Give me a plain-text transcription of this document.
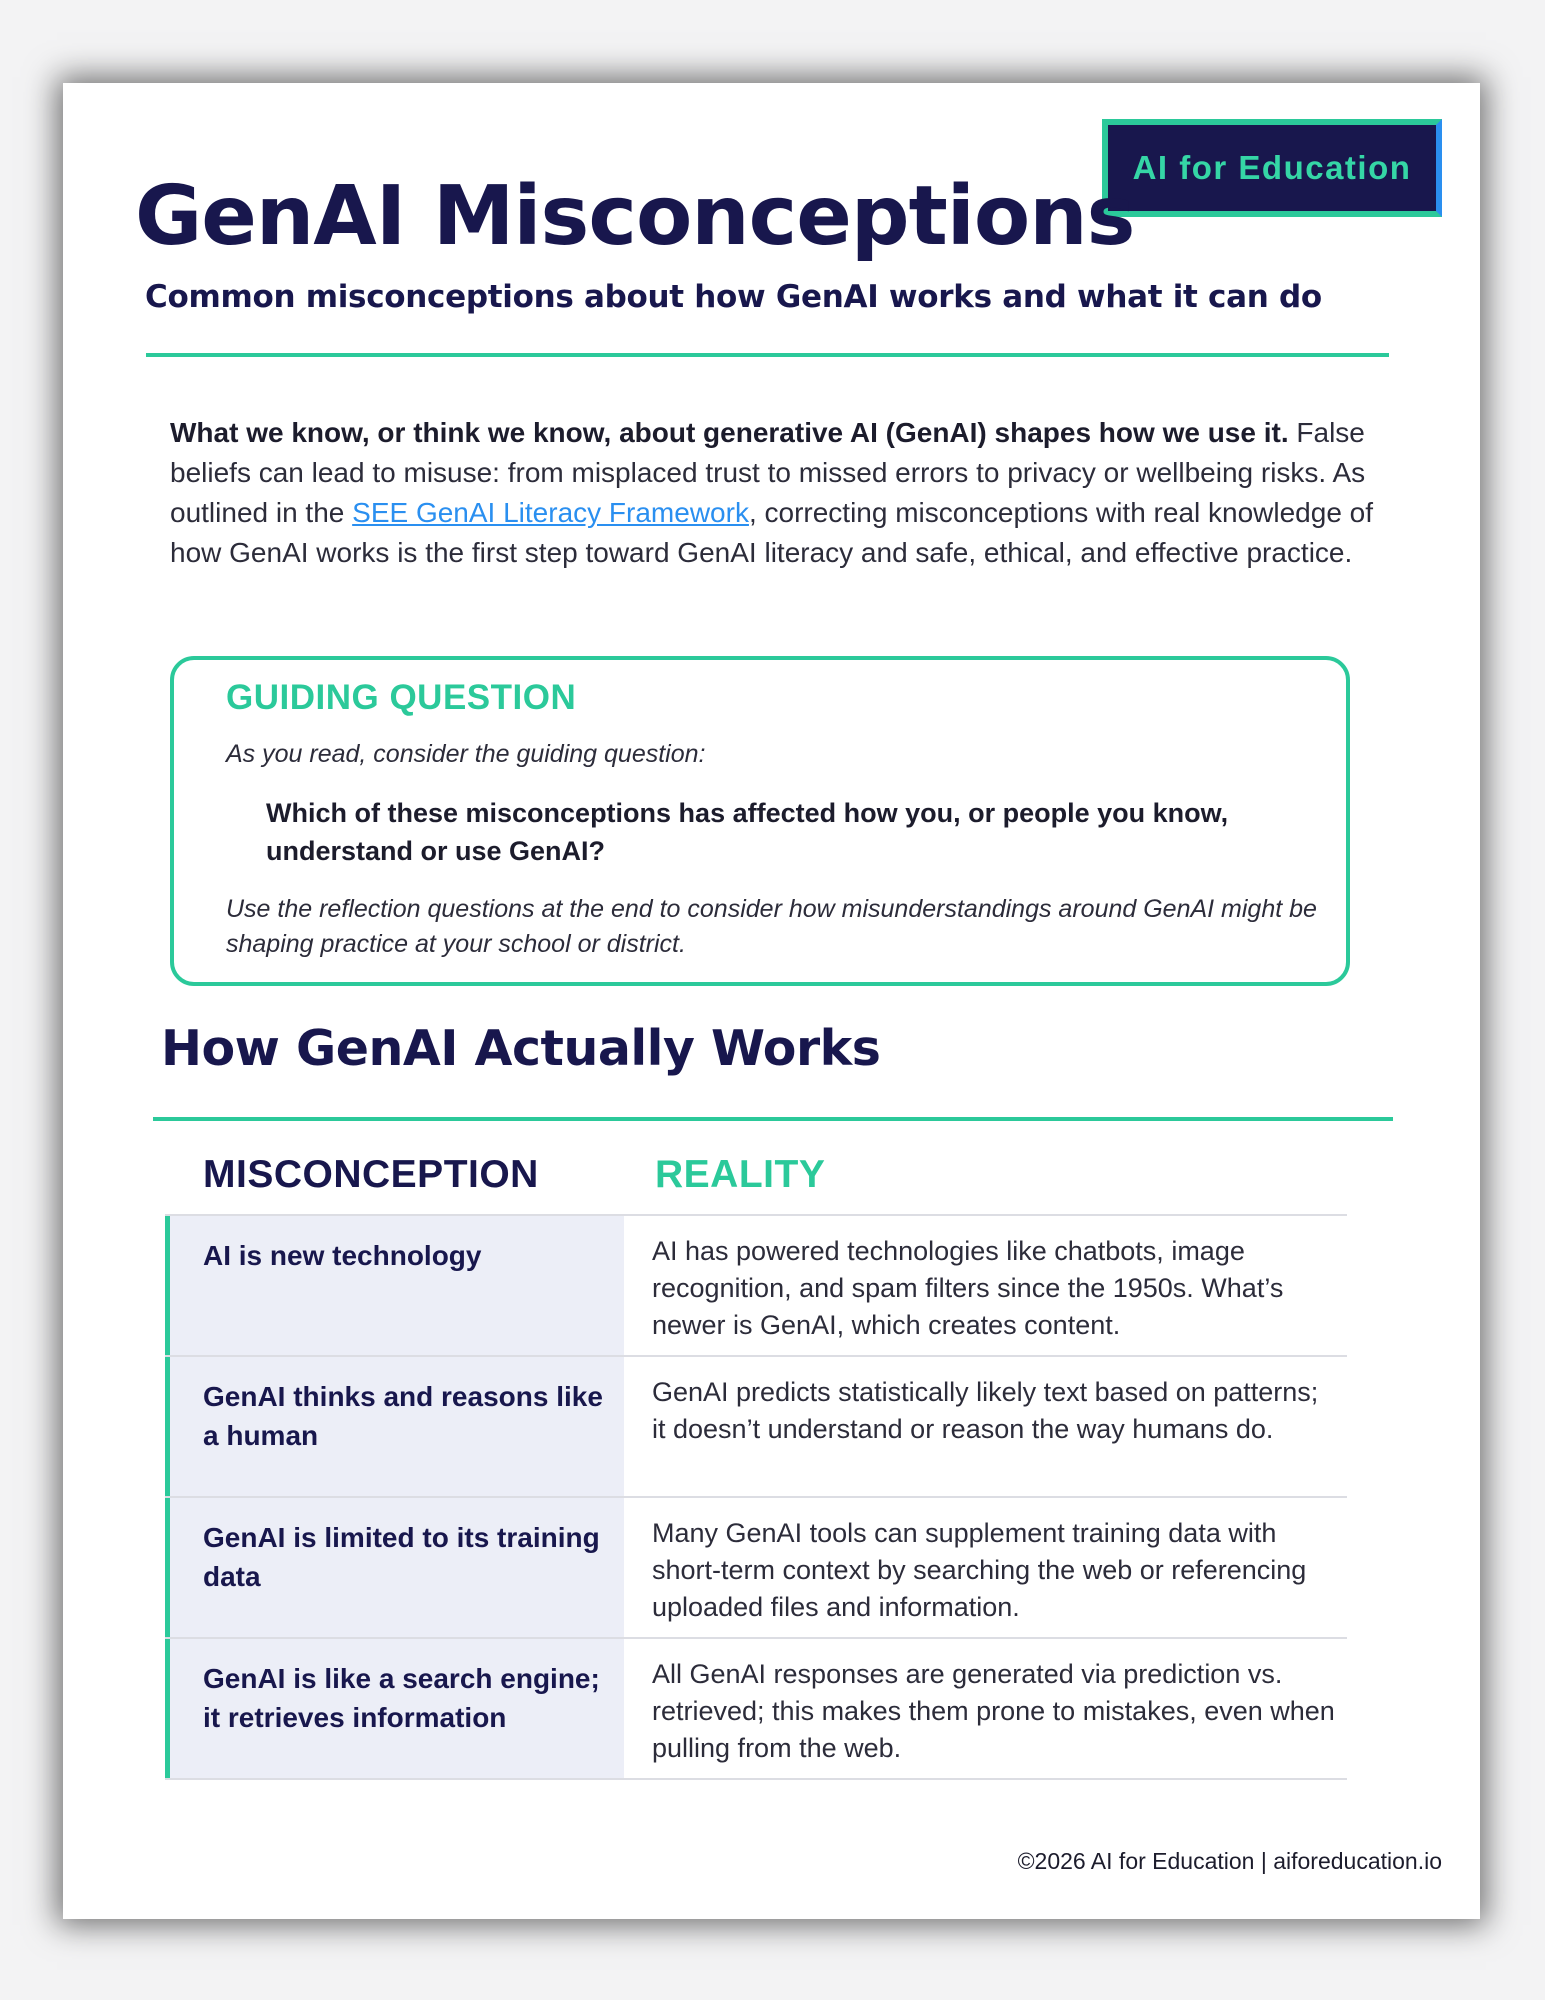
AI for Education
GenAI Misconceptions
Common misconceptions about how GenAI works and what it can do

What we know, or think we know, about generative AI (GenAI) shapes how we use it. False beliefs can lead to misuse: from misplaced trust to missed errors to privacy or wellbeing risks. As outlined in the SEE GenAI Literacy Framework, correcting misconceptions with real knowledge of how GenAI works is the first step toward GenAI literacy and safe, ethical, and effective practice.

GUIDING QUESTION

As you read, consider the guiding question:

Which of these misconceptions has affected how you, or people you know, understand or use GenAI?

Use the reflection questions at the end to consider how misunderstandings around GenAI might be shaping practice at your school or district.

How GenAI Actually Works
MISCONCEPTION	REALITY
AI is new technology	AI has powered technologies like chatbots, image recognition, and spam filters since the 1950s. What’s newer is GenAI, which creates content.
GenAI thinks and reasons like a human
GenAI predicts statistically likely text based on patterns; it doesn’t understand or reason the way humans do.
GenAI is limited to its training data
Many GenAI tools can supplement training data with short-term context by searching the web or referencing uploaded files and information.
GenAI is like a search engine; it retrieves information
All GenAI responses are generated via prediction vs. retrieved; this makes them prone to mistakes, even when pulling from the web.

©2026 AI for Education | aiforeducation.io
